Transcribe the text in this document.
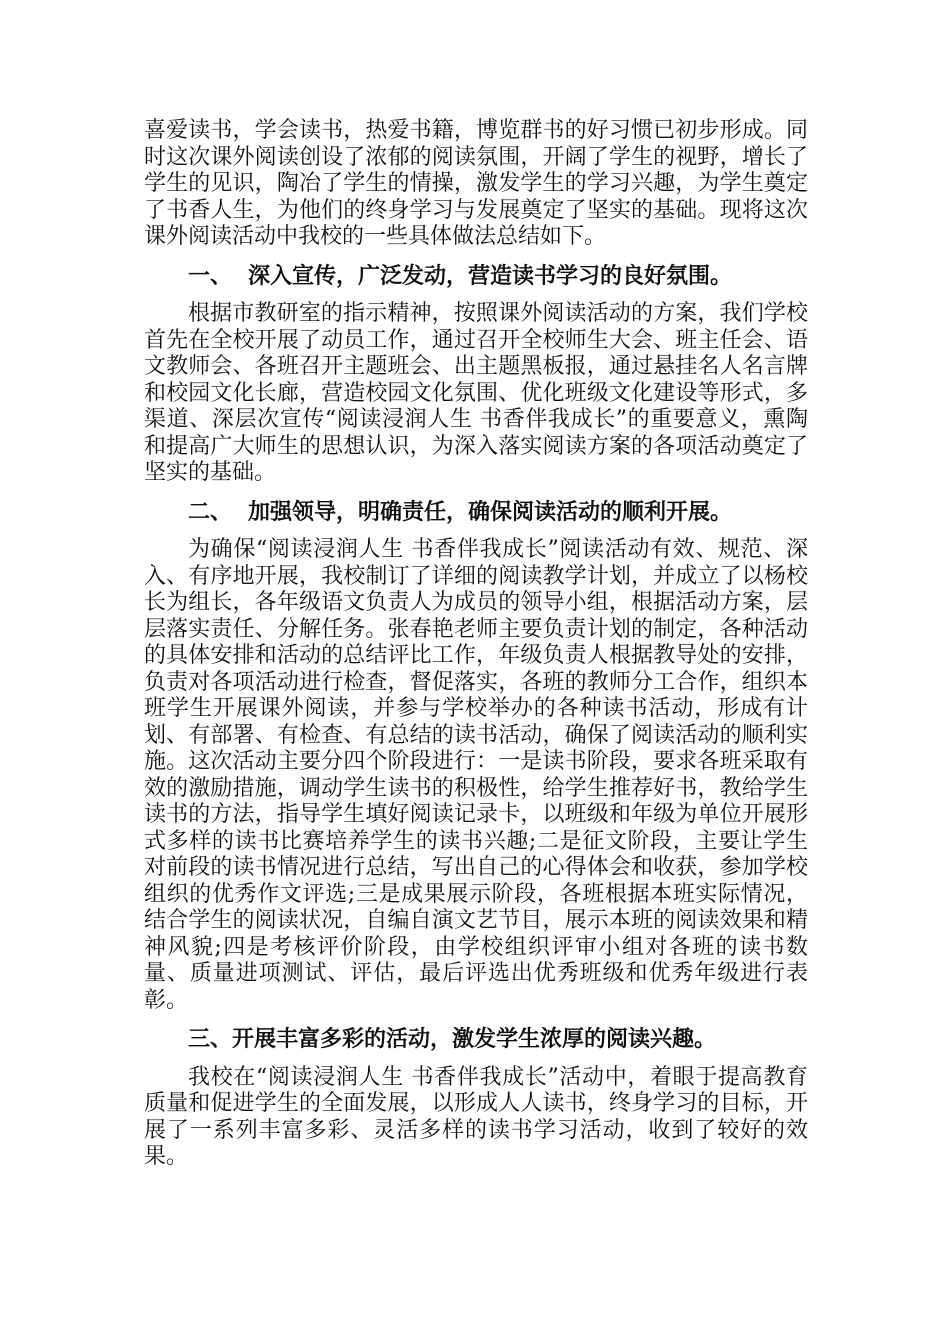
喜爱读书，学会读书，热爱书籍，博览群书的好习惯已初步形成。同时这次课外阅读创设了浓郁的阅读氛围，开阔了学生的视野，增长了学生的见识，陶冶了学生的情操，激发学生的学习兴趣，为学生奠定了书香人生，为他们的终身学习与发展奠定了坚实的基础。现将这次课外阅读活动中我校的一些具体做法总结如下。

一、 深入宣传，广泛发动，营造读书学习的良好氛围。

根据市教研室的指示精神，按照课外阅读活动的方案，我们学校首先在全校开展了动员工作，通过召开全校师生大会、班主任会、语文教师会、各班召开主题班会、出主题黑板报，通过悬挂名人名言牌和校园文化长廊，营造校园文化氛围、优化班级文化建设等形式，多渠道、深层次宣传“阅读浸润人生 书香伴我成长”的重要意义，熏陶和提高广大师生的思想认识，为深入落实阅读方案的各项活动奠定了坚实的基础。

二、 加强领导，明确责任，确保阅读活动的顺利开展。

为确保“阅读浸润人生 书香伴我成长”阅读活动有效、规范、深入、有序地开展，我校制订了详细的阅读教学计划，并成立了以杨校长为组长，各年级语文负责人为成员的领导小组，根据活动方案，层层落实责任、分解任务。张春艳老师主要负责计划的制定，各种活动的具体安排和活动的总结评比工作，年级负责人根据教导处的安排，负责对各项活动进行检查，督促落实，各班的教师分工合作，组织本班学生开展课外阅读，并参与学校举办的各种读书活动，形成有计划、有部署、有检查、有总结的读书活动，确保了阅读活动的顺利实施。这次活动主要分四个阶段进行：一是读书阶段，要求各班采取有效的激励措施，调动学生读书的积极性，给学生推荐好书，教给学生读书的方法，指导学生填好阅读记录卡，以班级和年级为单位开展形式多样的读书比赛培养学生的读书兴趣;二是征文阶段，主要让学生对前段的读书情况进行总结，写出自己的心得体会和收获，参加学校组织的优秀作文评选;三是成果展示阶段，各班根据本班实际情况，结合学生的阅读状况，自编自演文艺节目，展示本班的阅读效果和精神风貌;四是考核评价阶段，由学校组织评审小组对各班的读书数量、质量进项测试、评估，最后评选出优秀班级和优秀年级进行表彰。

三、开展丰富多彩的活动，激发学生浓厚的阅读兴趣。

我校在“阅读浸润人生 书香伴我成长”活动中，着眼于提高教育质量和促进学生的全面发展，以形成人人读书，终身学习的目标，开展了一系列丰富多彩、灵活多样的读书学习活动，收到了较好的效果。
